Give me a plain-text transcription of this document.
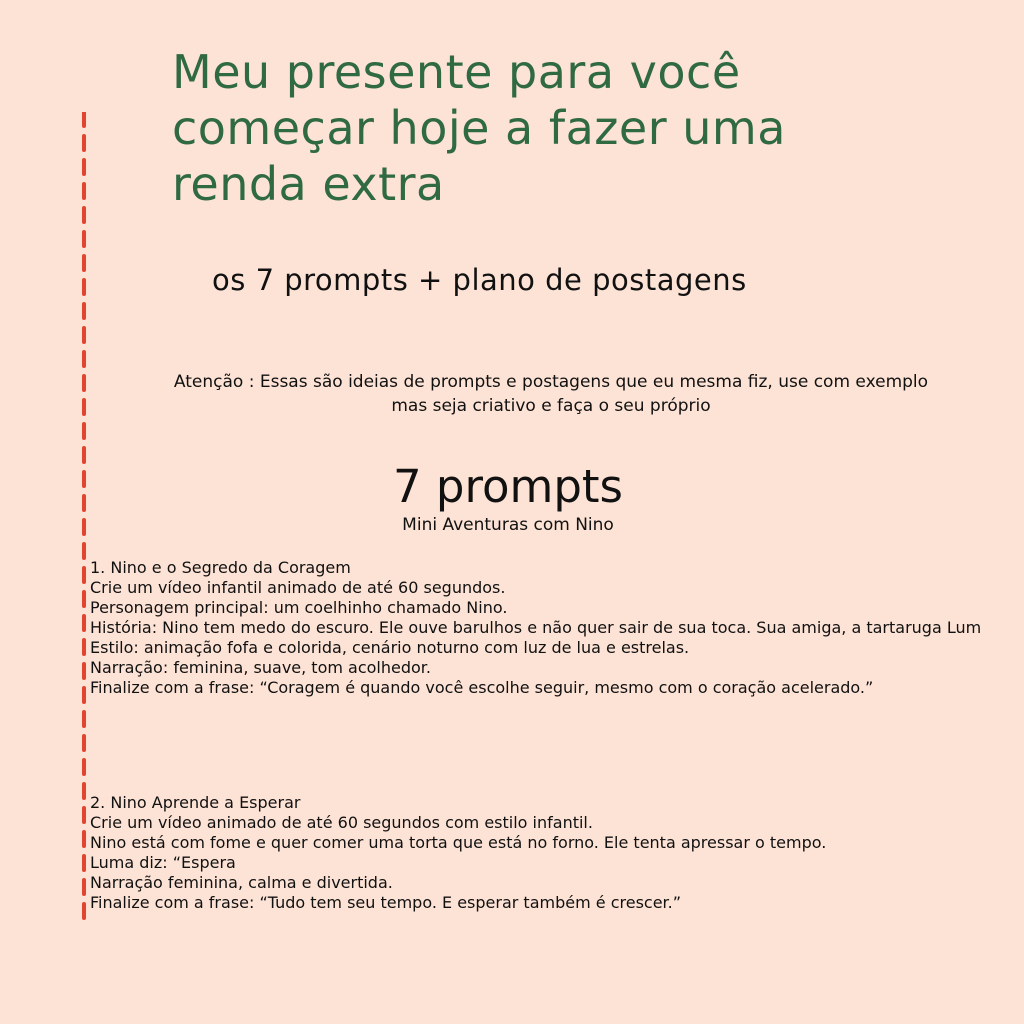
Meu presente para você
começar hoje a fazer uma
renda extra
os 7 prompts + plano de postagens

Atenção : Essas são ideias de prompts e postagens que eu mesma fiz, use com exemplo
mas seja criativo e faça o seu próprio

7 prompts
Mini Aventuras com Nino
1. Nino e o Segredo da Coragem
Crie um vídeo infantil animado de até 60 segundos.
Personagem principal: um coelhinho chamado Nino.
História: Nino tem medo do escuro. Ele ouve barulhos e não quer sair de sua toca. Sua amiga, a tartaruga Lum
Estilo: animação fofa e colorida, cenário noturno com luz de lua e estrelas.
Narração: feminina, suave, tom acolhedor.
Finalize com a frase: “Coragem é quando você escolhe seguir, mesmo com o coração acelerado.”
2. Nino Aprende a Esperar
Crie um vídeo animado de até 60 segundos com estilo infantil.
Nino está com fome e quer comer uma torta que está no forno. Ele tenta apressar o tempo.
Luma diz: “Espera
Narração feminina, calma e divertida.
Finalize com a frase: “Tudo tem seu tempo. E esperar também é crescer.”
